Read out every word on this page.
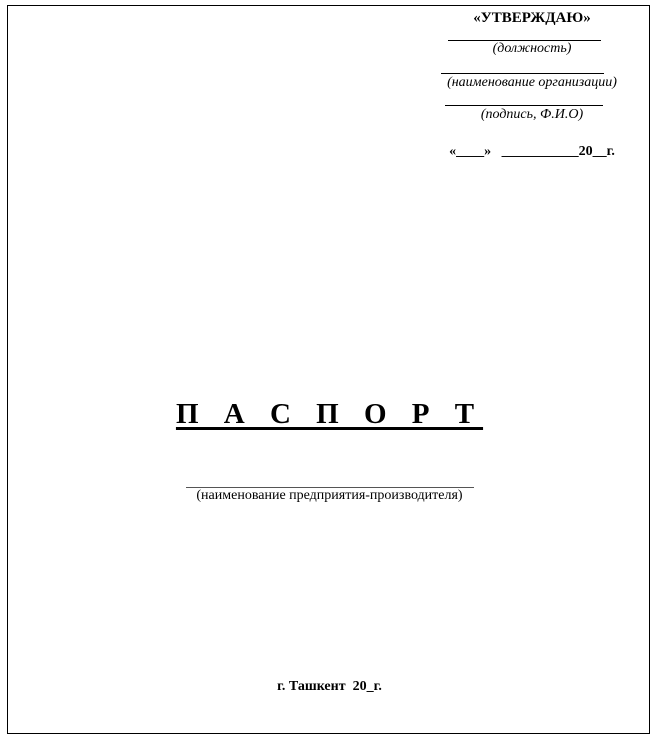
«УТВЕРЖДАЮ»
(должность)
(наименование организации)
(подпись, Ф.И.О)
«____»   ___________20__г.
П А С П О Р Т
(наименование предприятия-производителя)
г. Ташкент  20_г.
